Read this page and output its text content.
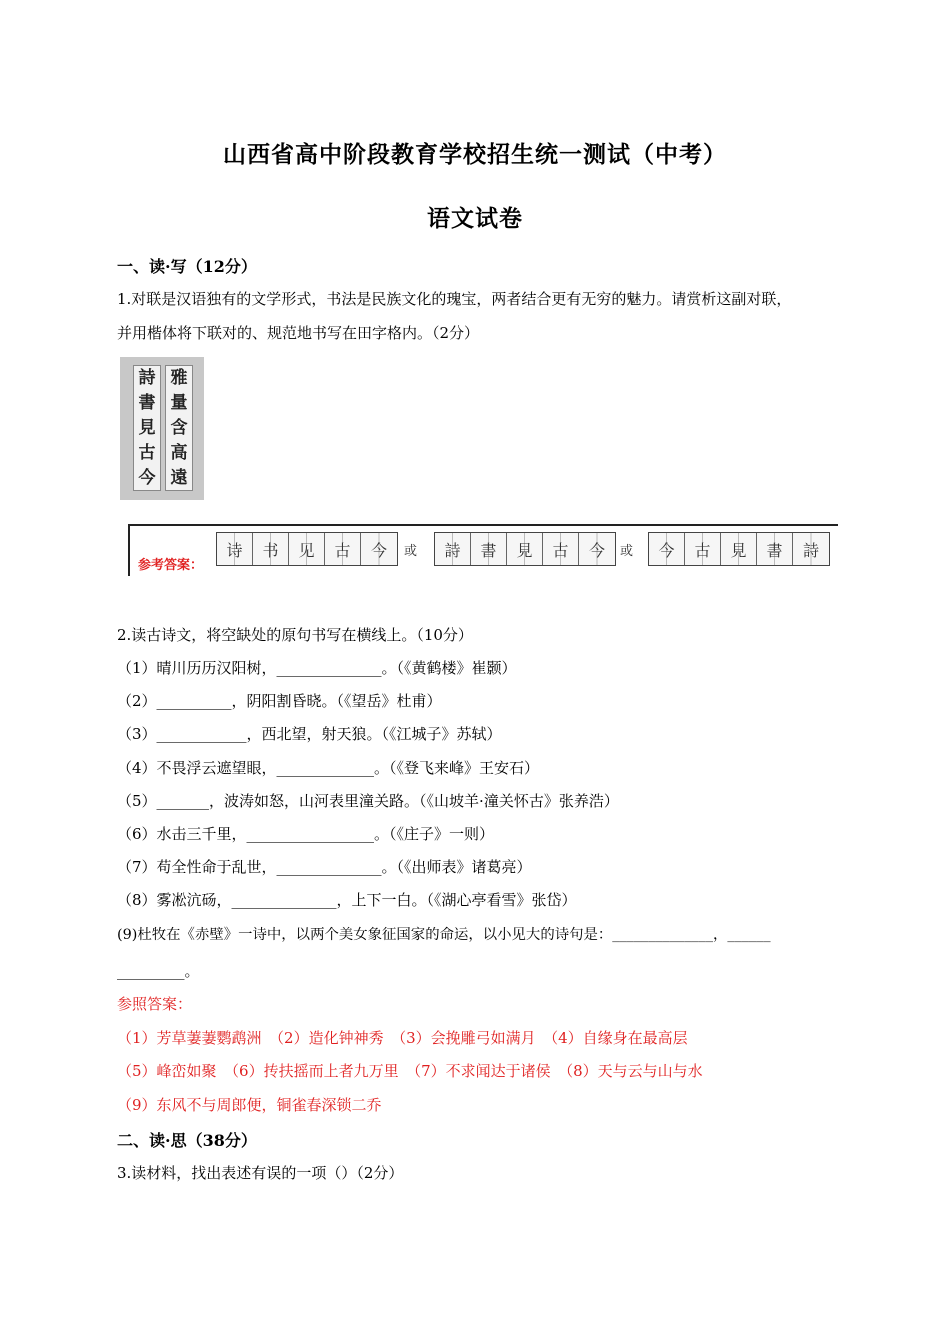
山西省高中阶段教育学校招生统一测试（中考）
语文试卷
一、读·写（12分）
1.对联是汉语独有的文学形式，书法是民族文化的瑰宝，两者结合更有无穷的魅力。请赏析这副对联，
并用楷体将下联对的、规范地书写在田字格内。（2分）
詩
書
見
古
今
雅
量
含
高
遠
参考答案：
诗	书	见	古	今	或	詩	書	見	古	今	或	今	古	見	書	詩
2.读古诗文，将空缺处的原句书写在横线上。（10分）
（1）晴川历历汉阳树，______________。（《黄鹤楼》崔颢）
（2）__________，阴阳割昏晓。（《望岳》杜甫）
（3）____________，西北望，射天狼。（《江城子》苏轼）
（4）不畏浮云遮望眼，_____________。（《登飞来峰》王安石）
（5）_______，波涛如怒，山河表里潼关路。（《山坡羊·潼关怀古》张养浩）
（6）水击三千里，_________________。（《庄子》一则）
（7）苟全性命于乱世，______________。（《出师表》诸葛亮）
（8）雾凇沆砀，______________，上下一白。（《湖心亭看雪》张岱）
(9)杜牧在《赤壁》一诗中，以两个美女象征国家的命运，以小见大的诗句是：______________，______
_________。
参照答案：
（1）芳草萋萋鹦鹉洲　（2）造化钟神秀　（3）会挽雕弓如满月　（4）自缘身在最高层
（5）峰峦如聚　（6）抟扶摇而上者九万里　（7）不求闻达于诸侯　（8）天与云与山与水
（9）东风不与周郎便，铜雀春深锁二乔
二、读·思（38分）
3.读材料，找出表述有误的一项（）（2分）
